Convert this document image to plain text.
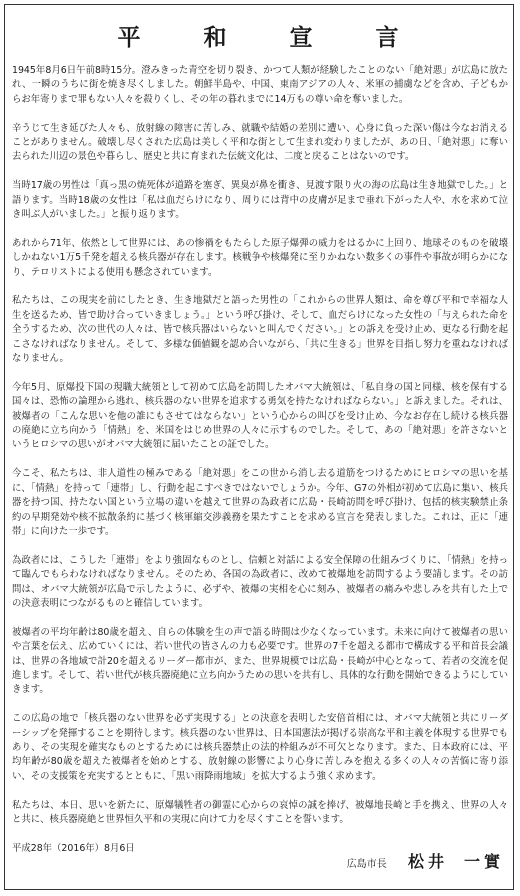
平　和　宣　言

1945年8月6日午前8時15分。澄みきった青空を切り裂き、かつて人類が経験したことのない「絶対悪」が広島に放たれ、一瞬のうちに街を焼き尽くしました。朝鮮半島や、中国、東南アジアの人々、米軍の捕虜などを含め、子どもからお年寄りまで罪もない人々を殺りくし、その年の暮れまでに14万もの尊い命を奪いました。

辛うじて生き延びた人々も、放射線の障害に苦しみ、就職や結婚の差別に遭い、心身に負った深い傷は今なお消えることがありません。破壊し尽くされた広島は美しく平和な街として生まれ変わりましたが、あの日、「絶対悪」に奪い去られた川辺の景色や暮らし、歴史と共に育まれた伝統文化は、二度と戻ることはないのです。

当時17歳の男性は「真っ黒の焼死体が道路を塞ぎ、異臭が鼻を衝き、見渡す限り火の海の広島は生き地獄でした。」と語ります。当時18歳の女性は「私は血だらけになり、周りには背中の皮膚が足まで垂れ下がった人や、水を求めて泣き叫ぶ人がいました。」と振り返ります。

あれから71年、依然として世界には、あの惨禍をもたらした原子爆弾の威力をはるかに上回り、地球そのものを破壊しかねない1万5千発を超える核兵器が存在します。核戦争や核爆発に至りかねない数多くの事件や事故が明らかになり、テロリストによる使用も懸念されています。

私たちは、この現実を前にしたとき、生き地獄だと語った男性の「これからの世界人類は、命を尊び平和で幸福な人生を送るため、皆で助け合っていきましょう。」という呼び掛け、そして、血だらけになった女性の「与えられた命を全うするため、次の世代の人々は、皆で核兵器はいらないと叫んでください。」との訴えを受け止め、更なる行動を起こさなければなりません。そして、多様な価値観を認め合いながら、「共に生きる」世界を目指し努力を重ねなければなりません。

今年5月、原爆投下国の現職大統領として初めて広島を訪問したオバマ大統領は、「私自身の国と同様、核を保有する国々は、恐怖の論理から逃れ、核兵器のない世界を追求する勇気を持たなければならない。」と訴えました。それは、被爆者の「こんな思いを他の誰にもさせてはならない」という心からの叫びを受け止め、今なお存在し続ける核兵器の廃絶に立ち向かう「情熱」を、米国をはじめ世界の人々に示すものでした。そして、あの「絶対悪」を許さないというヒロシマの思いがオバマ大統領に届いたことの証でした。

今こそ、私たちは、非人道性の極みである「絶対悪」をこの世から消し去る道筋をつけるためにヒロシマの思いを基に、「情熱」を持って「連帯」し、行動を起こすべきではないでしょうか。今年、G7の外相が初めて広島に集い、核兵器を持つ国、持たない国という立場の違いを越えて世界の為政者に広島・長崎訪問を呼び掛け、包括的核実験禁止条約の早期発効や核不拡散条約に基づく核軍縮交渉義務を果たすことを求める宣言を発表しました。これは、正に「連帯」に向けた一歩です。

為政者には、こうした「連帯」をより強固なものとし、信頼と対話による安全保障の仕組みづくりに、「情熱」を持って臨んでもらわなければなりません。そのため、各国の為政者に、改めて被爆地を訪問するよう要請します。その訪問は、オバマ大統領が広島で示したように、必ずや、被爆の実相を心に刻み、被爆者の痛みや悲しみを共有した上での決意表明につながるものと確信しています。

被爆者の平均年齢は80歳を超え、自らの体験を生の声で語る時間は少なくなっています。未来に向けて被爆者の思いや言葉を伝え、広めていくには、若い世代の皆さんの力も必要です。世界の7千を超える都市で構成する平和首長会議は、世界の各地域で計20を超えるリーダー都市が、また、世界規模では広島・長崎が中心となって、若者の交流を促進します。そして、若い世代が核兵器廃絶に立ち向かうための思いを共有し、具体的な行動を開始できるようにしていきます。

この広島の地で「核兵器のない世界を必ず実現する」との決意を表明した安倍首相には、オバマ大統領と共にリーダーシップを発揮することを期待します。核兵器のない世界は、日本国憲法が掲げる崇高な平和主義を体現する世界でもあり、その実現を確実なものとするためには核兵器禁止の法的枠組みが不可欠となります。また、日本政府には、平均年齢が80歳を超えた被爆者を始めとする、放射線の影響により心身に苦しみを抱える多くの人々の苦悩に寄り添い、その支援策を充実するとともに、「黒い雨降雨地域」を拡大するよう強く求めます。

私たちは、本日、思いを新たに、原爆犠牲者の御霊に心からの哀悼の誠を捧げ、被爆地長崎と手を携え、世界の人々と共に、核兵器廃絶と世界恒久平和の実現に向けて力を尽くすことを誓います。

平成28年（2016年）8月6日
広島市長 松井 一實
